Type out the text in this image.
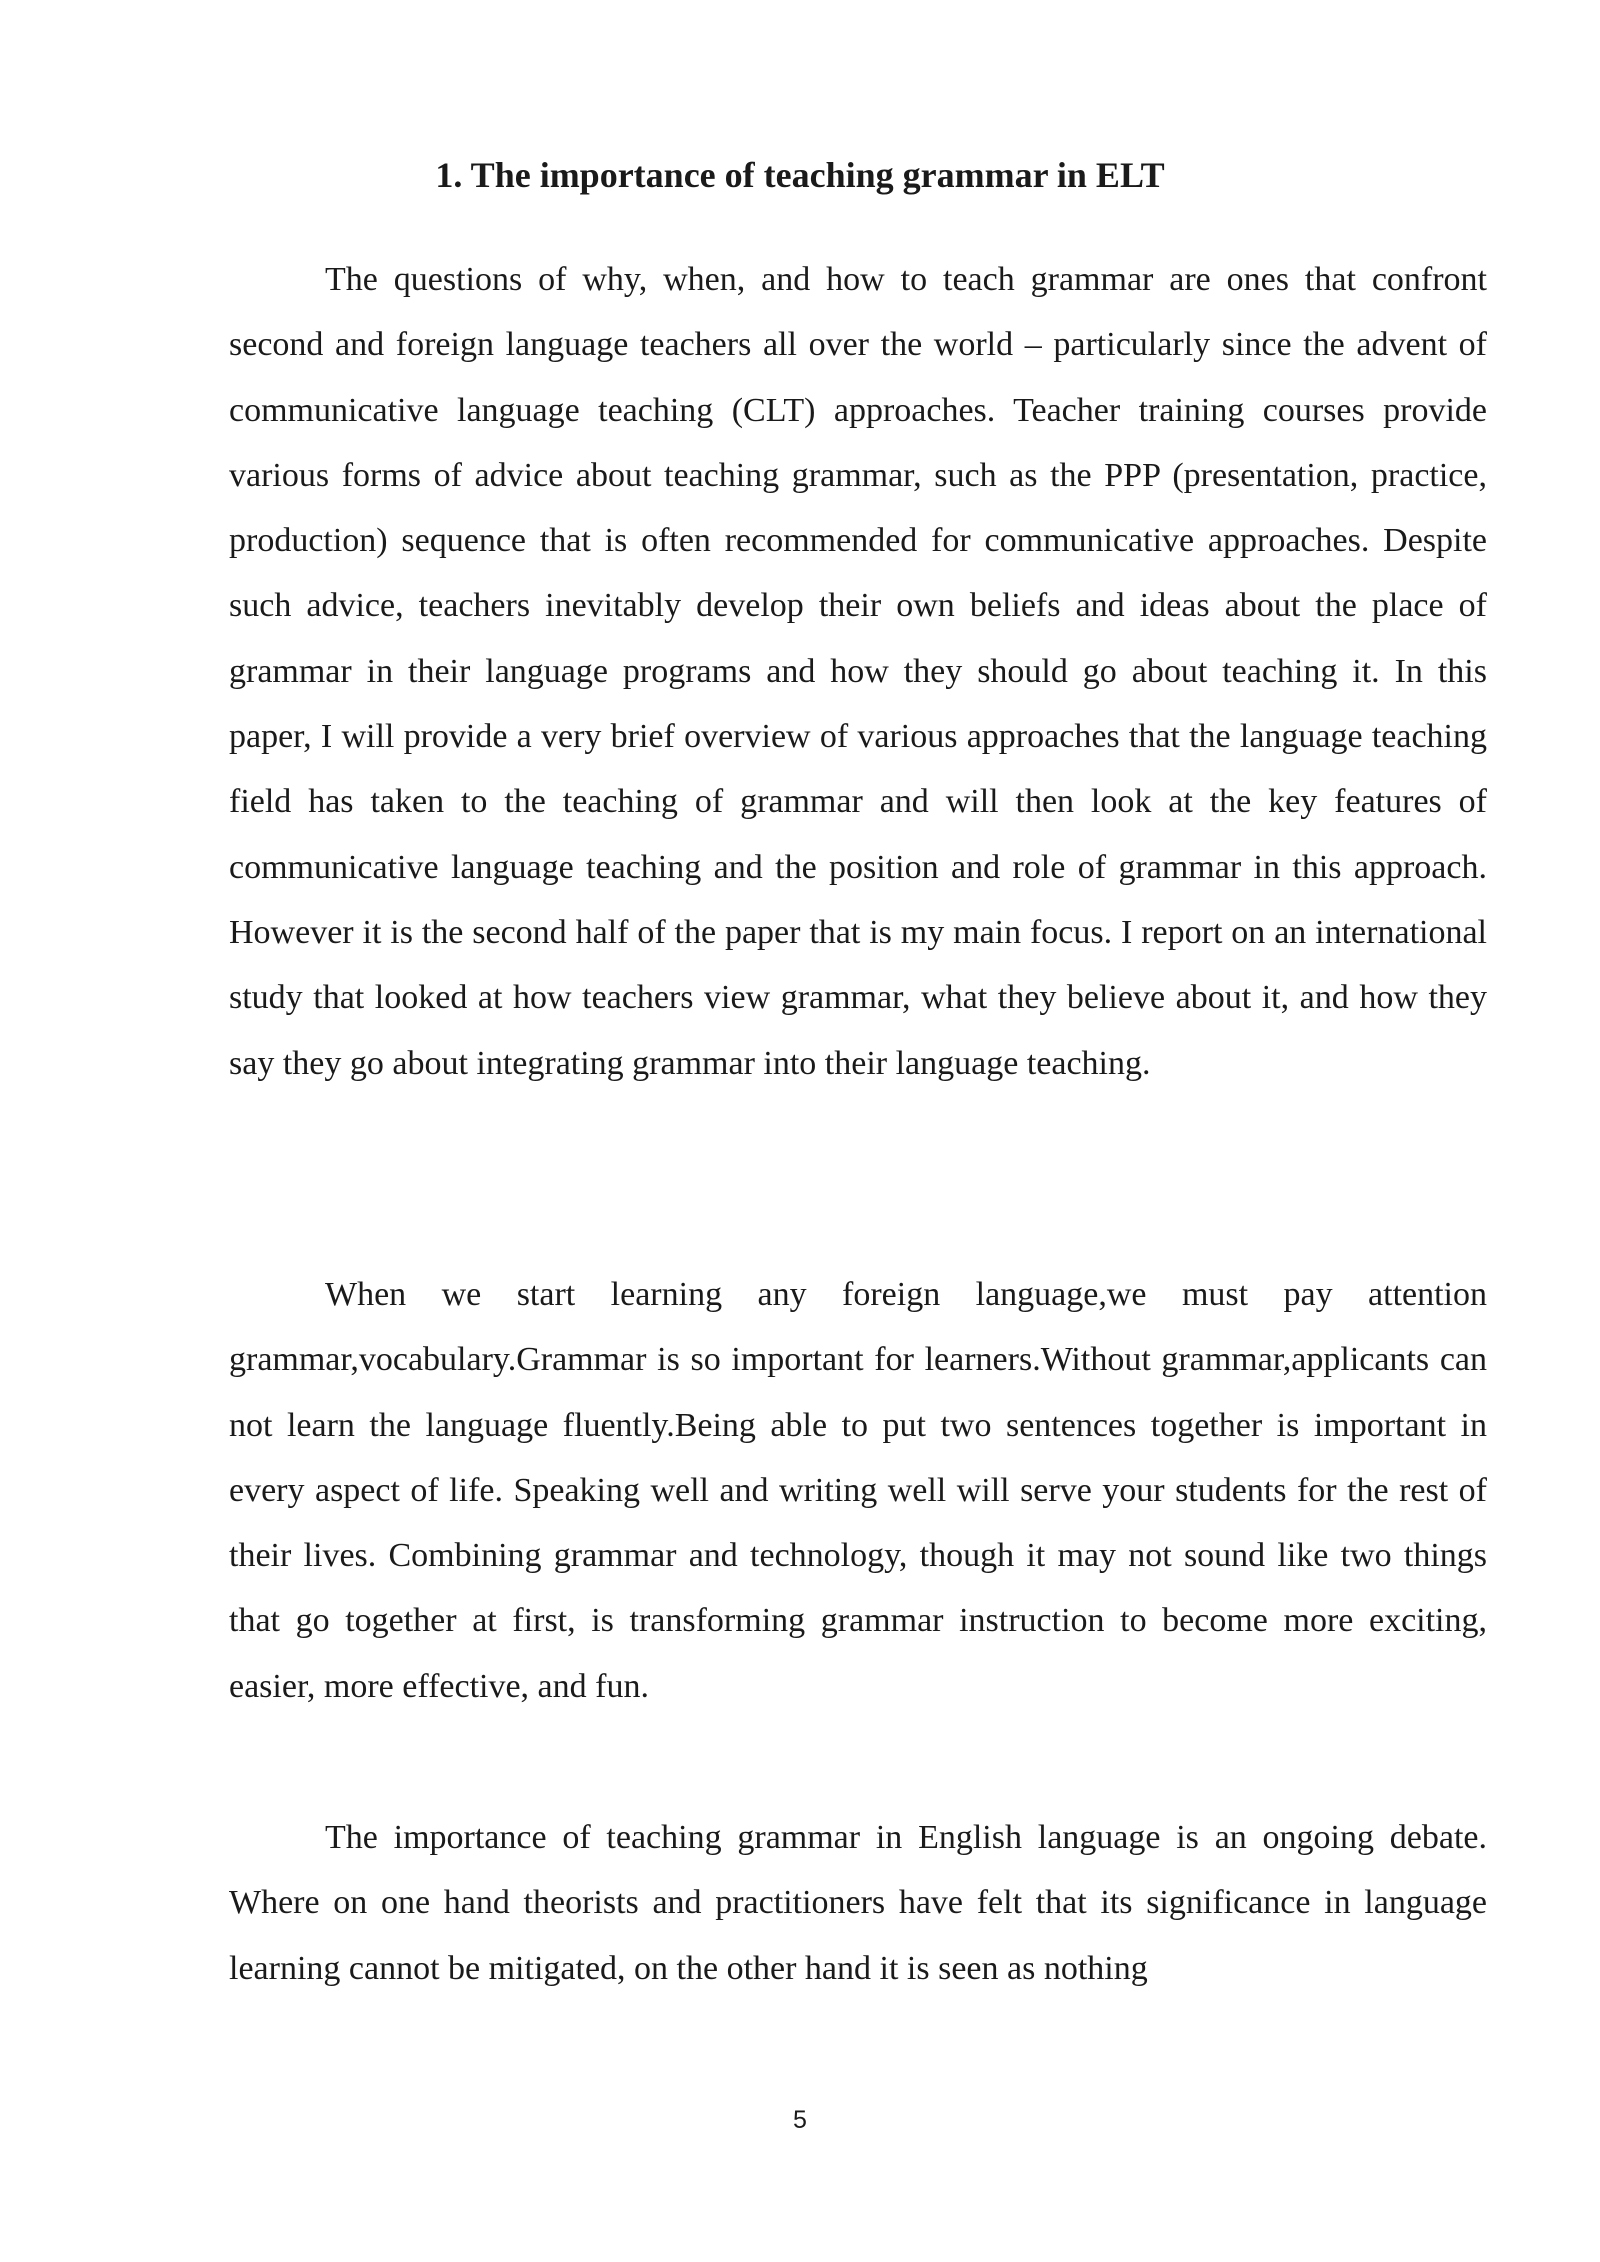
1. The importance of teaching grammar in ELT

The questions of why, when, and how to teach grammar are ones that confront second and foreign language teachers all over the world – particularly since the advent of communicative language teaching (CLT) approaches. Teacher training courses provide various forms of advice about teaching grammar, such as the PPP (presentation, practice, production) sequence that is often recommended for communicative approaches. Despite such advice, teachers inevitably develop their own beliefs and ideas about the place of grammar in their language programs and how they should go about teaching it. In this paper, I will provide a very brief overview of various approaches that the language teaching field has taken to the teaching of grammar and will then look at the key features of communicative language teaching and the position and role of grammar in this approach. However it is the second half of the paper that is my main focus. I report on an international study that looked at how teachers view grammar, what they believe about it, and how they say they go about integrating grammar into their language teaching.

When we start learning any foreign language,we must pay attention grammar,vocabulary.Grammar is so important for learners.Without grammar,applicants can not learn the language fluently.Being able to put two sentences together is important in every aspect of life. Speaking well and writing well will serve your students for the rest of their lives. Combining grammar and technology, though it may not sound like two things that go together at first, is transforming grammar instruction to become more exciting, easier, more effective, and fun.

The importance of teaching grammar in English language is an ongoing debate. Where on one hand theorists and practitioners have felt that its significance in language learning cannot be mitigated, on the other hand it is seen as nothing

5
